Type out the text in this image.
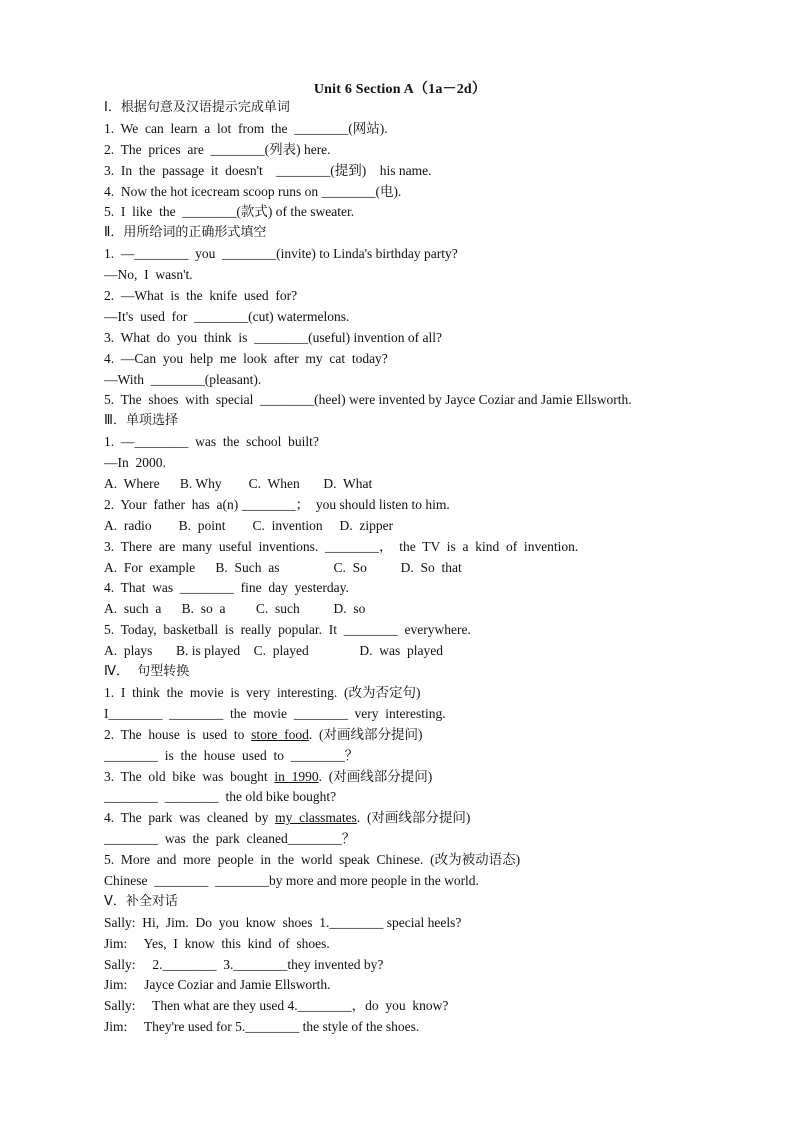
Unit 6 Section A（1a－2d）
Ⅰ．根据句意及汉语提示完成单词
1.  We  can  learn  a  lot  from  the  ________(网站).
2.  The  prices  are  ________(列表) here.
3.  In  the  passage  it  doesn't    ________(提到)    his name.
4.  Now the hot icecream scoop runs on ________(电).
5.  I  like  the  ________(款式) of the sweater.
Ⅱ．用所给词的正确形式填空
1.  —________  you  ________(invite) to Linda's birthday party?
—No,  I  wasn't.
2.  —What  is  the  knife  used  for?
—It's  used  for  ________(cut) watermelons.
3.  What  do  you  think  is  ________(useful) invention of all?
4.  —Can  you  help  me  look  after  my  cat  today?
—With  ________(pleasant).
5.  The  shoes  with  special  ________(heel) were invented by Jayce Coziar and Jamie Ellsworth.
Ⅲ．单项选择
1.  —________  was  the  school  built?
—In  2000.
A.  Where      B. Why        C.  When       D.  What
2.  Your  father  has  a(n) ________；  you should listen to him.
A.  radio        B.  point        C.  invention     D.  zipper
3.  There  are  many  useful  inventions.  ________，  the  TV  is  a  kind  of  invention.
A.  For  example      B.  Such  as                C.  So          D.  So  that
4.  That  was  ________  fine  day  yesterday.
A.  such  a      B.  so  a         C.  such          D.  so
5.  Today,  basketball  is  really  popular.  It  ________  everywhere.
A.  plays       B. is played    C.  played               D.  was  played
Ⅳ．  句型转换
1.  I  think  the  movie  is  very  interesting.  (改为否定句)
I________  ________  the  movie  ________  very  interesting.
2.  The  house  is  used  to  store  food.  (对画线部分提问)
________  is  the  house  used  to  ________？
3.  The  old  bike  was  bought  in  1990.  (对画线部分提问)
________  ________  the old bike bought?
4.  The  park  was  cleaned  by  my  classmates.  (对画线部分提问)
________  was  the  park  cleaned________？
5.  More  and  more  people  in  the  world  speak  Chinese.  (改为被动语态)
Chinese  ________  ________by more and more people in the world.
Ⅴ．补全对话
Sally:  Hi,  Jim.  Do  you  know  shoes  1.________ special heels?
Jim:     Yes,  I  know  this  kind  of  shoes.
Sally:     2.________  3.________they invented by?
Jim:     Jayce Coziar and Jamie Ellsworth.
Sally:     Then what are they used 4.________，do  you  know?
Jim:     They're used for 5.________ the style of the shoes.
